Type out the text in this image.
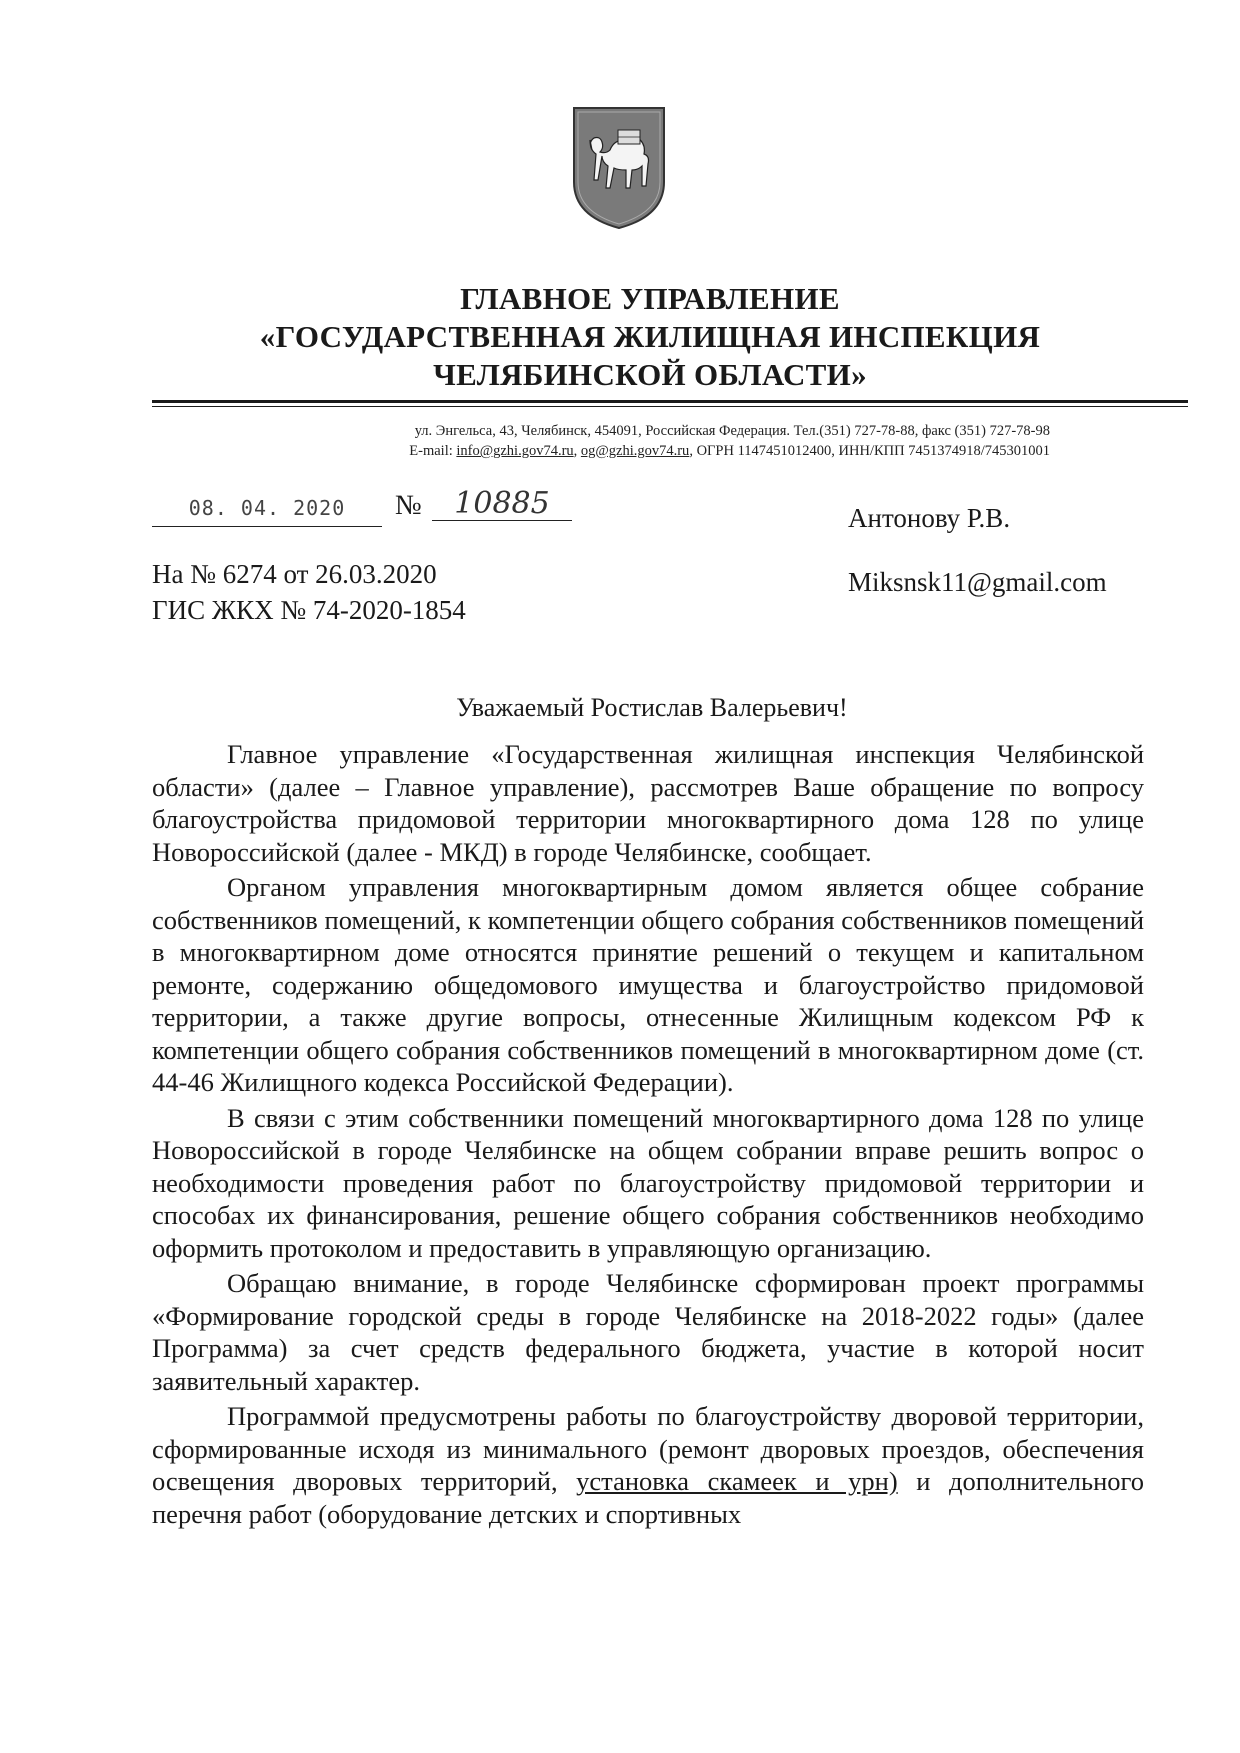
ГЛАВНОЕ УПРАВЛЕНИЕ
«ГОСУДАРСТВЕННАЯ ЖИЛИЩНАЯ ИНСПЕКЦИЯ
ЧЕЛЯБИНСКОЙ ОБЛАСТИ»
ул. Энгельса, 43, Челябинск, 454091, Российская Федерация. Тел.(351) 727-78-88, факс (351) 727-78-98
E-mail: info@gzhi.gov74.ru, og@gzhi.gov74.ru, ОГРН 1147451012400, ИНН/КПП 7451374918/745301001
08. 04. 2020	№	10885	Антонову Р.В.
Miksnsk11@gmail.com
На № 6274 от 26.03.2020
ГИС ЖКХ № 74-2020-1854
Уважаемый Ростислав Валерьевич!

Главное управление «Государственная жилищная инспекция Челябинской области» (далее – Главное управление), рассмотрев Ваше обращение по вопросу благоустройства придомовой территории многоквартирного дома 128 по улице Новороссийской (далее - МКД) в городе Челябинске, сообщает.

Органом управления многоквартирным домом является общее собрание собственников помещений, к компетенции общего собрания собственников помещений в многоквартирном доме относятся принятие решений о текущем и капитальном ремонте, содержанию общедомового имущества и благоустройство придомовой территории, а также другие вопросы, отнесенные Жилищным кодексом РФ к компетенции общего собрания собственников помещений в многоквартирном доме (ст. 44-46 Жилищного кодекса Российской Федерации).

В связи с этим собственники помещений многоквартирного дома 128 по улице Новороссийской в городе Челябинске на общем собрании вправе решить вопрос о необходимости проведения работ по благоустройству придомовой территории и способах их финансирования, решение общего собрания собственников необходимо оформить протоколом и предоставить в управляющую организацию.

Обращаю внимание, в городе Челябинске сформирован проект программы «Формирование городской среды в городе Челябинске на 2018-2022 годы» (далее Программа) за счет средств федерального бюджета, участие в которой носит заявительный характер.

Программой предусмотрены работы по благоустройству дворовой территории, сформированные исходя из минимального (ремонт дворовых проездов, обеспечения освещения дворовых территорий, установка скамеек и урн) и дополнительного перечня работ (оборудование детских и спортивных
